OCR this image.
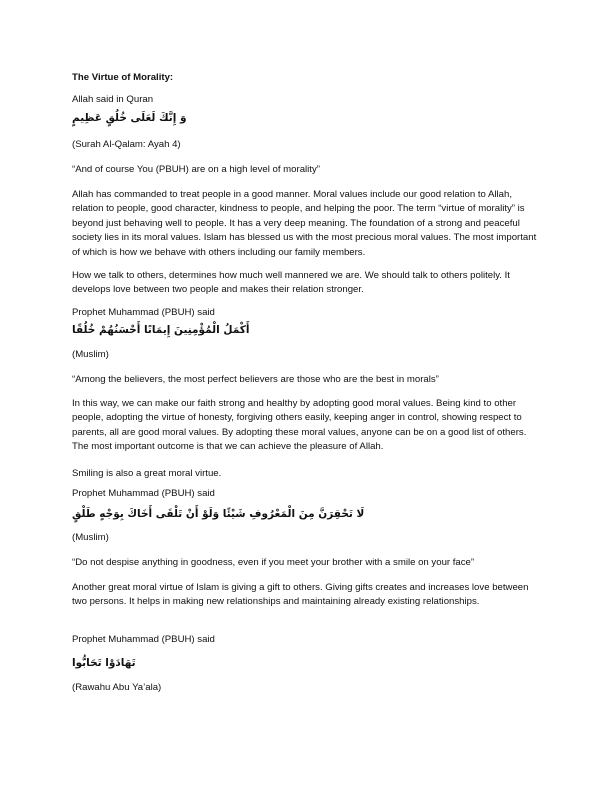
The Virtue of Morality:
Allah said in Quran
وَ إِنَّكَ لَعَلَى خُلُقٍ عَظِيمٍ
(Surah Al-Qalam: Ayah 4)
“And of course You (PBUH) are on a high level of morality”
Allah has commanded to treat people in a good manner. Moral values include our good relation to Allah, relation to people, good character, kindness to people, and helping the poor. The term “virtue of morality” is beyond just behaving well to people. It has a very deep meaning. The foundation of a strong and peaceful society lies in its moral values. Islam has blessed us with the most precious moral values. The most important of which is how we behave with others including our family members.
How we talk to others, determines how much well mannered we are. We should talk to others politely. It develops love between two people and makes their relation stronger.
Prophet Muhammad (PBUH) said
أَكْمَلُ الْمُؤْمِنِينَ إِيمَانًا أَحْسَنُهُمْ خُلُقًا
(Muslim)
“Among the believers, the most perfect believers are those who are the best in morals”
In this way, we can make our faith strong and healthy by adopting good moral values. Being kind to other people, adopting the virtue of honesty, forgiving others easily, keeping anger in control, showing respect to parents, all are good moral values. By adopting these moral values, anyone can be on a good list of others. The most important outcome is that we can achieve the pleasure of Allah.
Smiling is also a great moral virtue.
Prophet Muhammad (PBUH) said
لَا تَحْقِرَنَّ مِنَ الْمَعْرُوفِ شَيْئًا وَلَوْ أَنْ تَلْقَى أَخَاكَ بِوَجْهٍ طَلْقٍ
(Muslim)
“Do not despise anything in goodness, even if you meet your brother with a smile on your face”
Another great moral virtue of Islam is giving a gift to others. Giving gifts creates and increases love between two persons. It helps in making new relationships and maintaining already existing relationships.
Prophet Muhammad (PBUH) said
تَهَادَوْا تَحَابُّوا
(Rawahu Abu Ya’ala)
